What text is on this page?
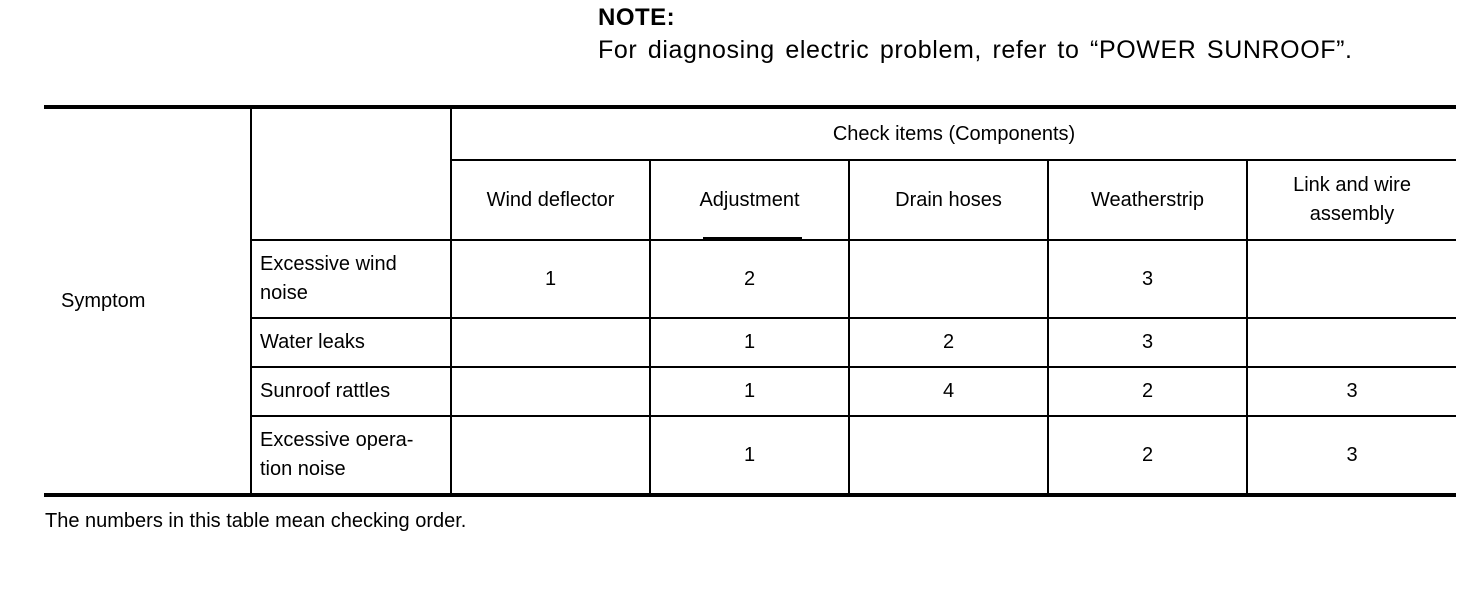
NOTE:
For diagnosing electric problem, refer to “POWER SUNROOF”.
Symptom		Check items (Components)				
		Wind deflector	Adjustment	Drain hoses	Weatherstrip	Link and wire
assembly
	Excessive wind
noise	1	2		3	
	Water leaks		1	2	3	
	Sunroof rattles		1	4	2	3
	Excessive opera-
tion noise		1		2	3
The numbers in this table mean checking order.
